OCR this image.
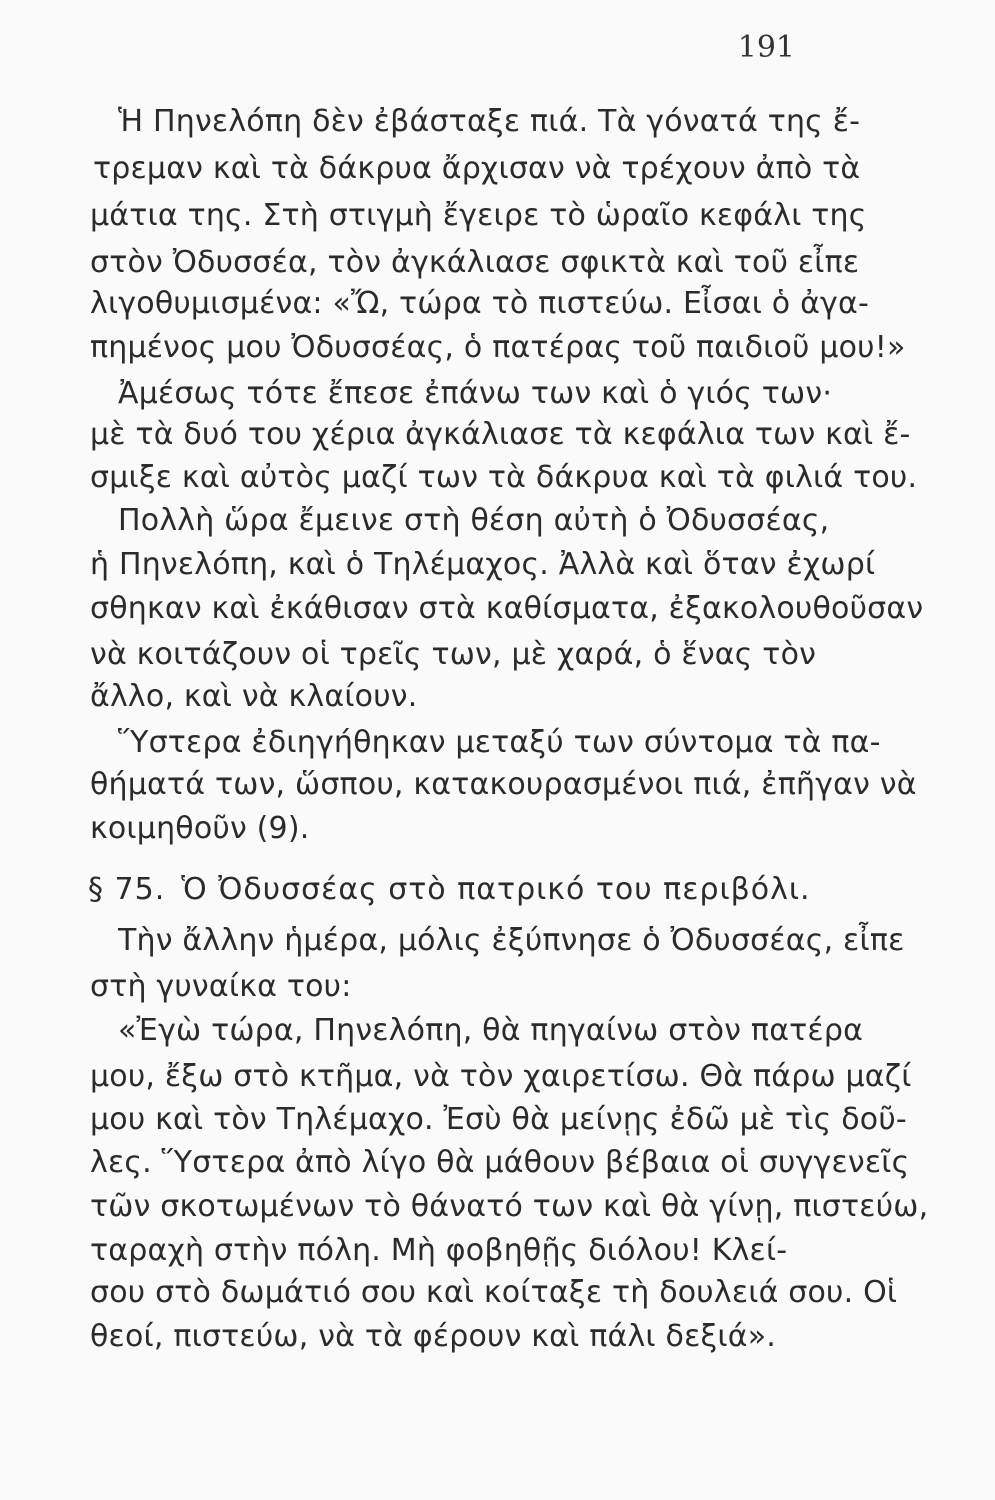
191
Ἡ Πηνελόπη δὲν ἐβάσταξε πιά. Τὰ γόνατά της ἔ-
τρεμαν καὶ τὰ δάκρυα ἄρχισαν νὰ τρέχουν ἀπὸ τὰ
μάτια της. Στὴ στιγμὴ ἔγειρε τὸ ὡραῖο κεφάλι της
στὸν Ὀδυσσέα, τὸν ἀγκάλιασε σφικτὰ καὶ τοῦ εἶπε
λιγοθυμισμένα: «Ὤ, τώρα τὸ πιστεύω. Εἶσαι ὁ ἀγα-
πημένος μου Ὀδυσσέας, ὁ πατέρας τοῦ παιδιοῦ μου!»
Ἀμέσως τότε ἔπεσε ἐπάνω των καὶ ὁ γιός των·
μὲ τὰ δυό του χέρια ἀγκάλιασε τὰ κεφάλια των καὶ ἔ-
σμιξε καὶ αὐτὸς μαζί των τὰ δάκρυα καὶ τὰ φιλιά του.
Πολλὴ ὥρα ἔμεινε στὴ θέση αὐτὴ ὁ Ὀδυσσέας,
ἡ Πηνελόπη, καὶ ὁ Τηλέμαχος. Ἀλλὰ καὶ ὅταν ἐχωρί
σθηκαν καὶ ἐκάθισαν στὰ καθίσματα, ἐξακολουθοῦσαν
νὰ κοιτάζουν οἱ τρεῖς των, μὲ χαρά, ὁ ἕνας τὸν
ἄλλο, καὶ νὰ κλαίουν.
Ὕστερα ἐδιηγήθηκαν μεταξύ των σύντομα τὰ πα-
θήματά των, ὥσπου, κατακουρασμένοι πιά, ἐπῆγαν νὰ
κοιμηθοῦν (9).
§ 75. Ὁ Ὀδυσσέας στὸ πατρικό του περιβόλι.
Τὴν ἄλλην ἡμέρα, μόλις ἐξύπνησε ὁ Ὀδυσσέας, εἶπε
στὴ γυναίκα του:
«Ἐγὼ τώρα, Πηνελόπη, θὰ πηγαίνω στὸν πατέρα
μου, ἔξω στὸ κτῆμα, νὰ τὸν χαιρετίσω. Θὰ πάρω μαζί
μου καὶ τὸν Τηλέμαχο. Ἐσὺ θὰ μείνῃς ἐδῶ μὲ τὶς δοῦ-
λες. Ὕστερα ἀπὸ λίγο θὰ μάθουν βέβαια οἱ συγγενεῖς
τῶν σκοτωμένων τὸ θάνατό των καὶ θὰ γίνῃ, πιστεύω,
ταραχὴ στὴν πόλη. Μὴ φοβηθῇς διόλου! Κλεί-
σου στὸ δωμάτιό σου καὶ κοίταξε τὴ δουλειά σου. Οἱ
θεοί, πιστεύω, νὰ τὰ φέρουν καὶ πάλι δεξιά».
